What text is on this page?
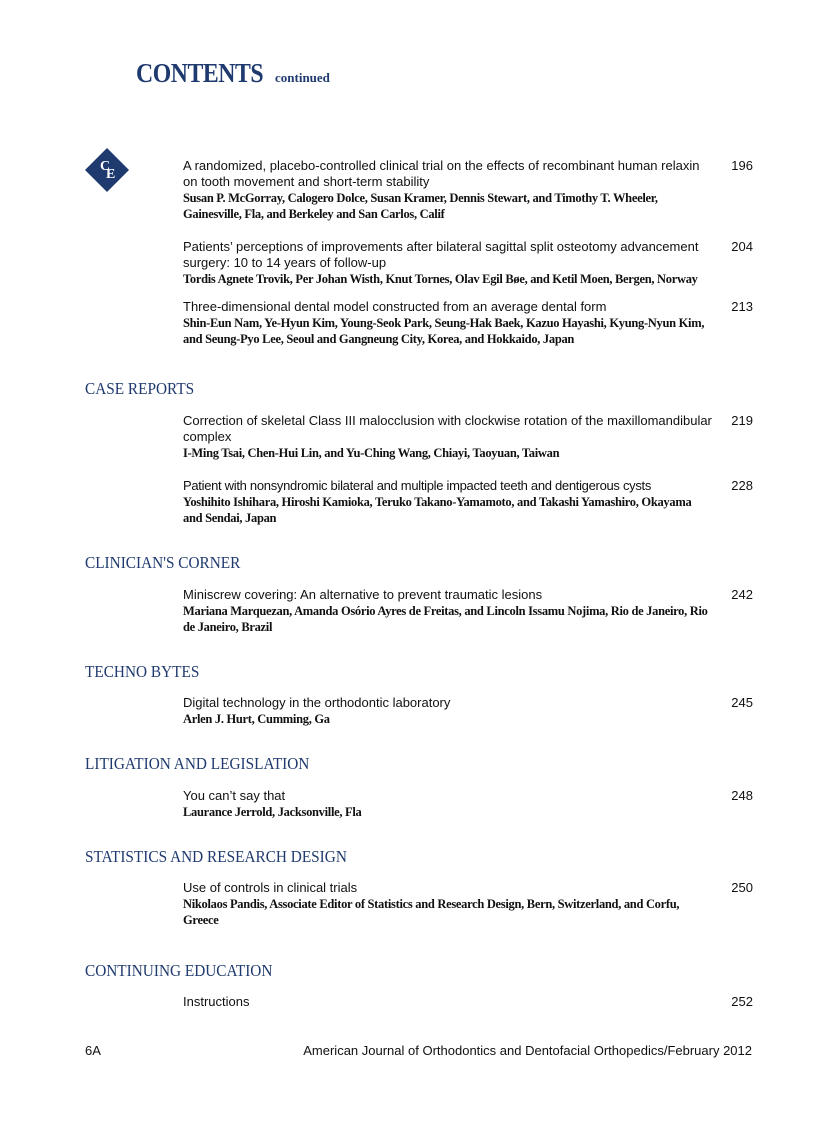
CONTENTS continued
C
E
A randomized, placebo-controlled clinical trial on the effects of recombinant human relaxin on tooth movement and short-term stability
Susan P. McGorray, Calogero Dolce, Susan Kramer, Dennis Stewart, and Timothy T. Wheeler, Gainesville, Fla, and Berkeley and San Carlos, Calif
196
Patients’ perceptions of improvements after bilateral sagittal split osteotomy advancement surgery: 10 to 14 years of follow-up
Tordis Agnete Trovik, Per Johan Wisth, Knut Tornes, Olav Egil Bøe, and Ketil Moen, Bergen, Norway
204
Three-dimensional dental model constructed from an average dental form
Shin-Eun Nam, Ye-Hyun Kim, Young-Seok Park, Seung-Hak Baek, Kazuo Hayashi, Kyung-Nyun Kim, and Seung-Pyo Lee, Seoul and Gangneung City, Korea, and Hokkaido, Japan
213
CASE REPORTS
Correction of skeletal Class III malocclusion with clockwise rotation of the maxillomandibular complex
I-Ming Tsai, Chen-Hui Lin, and Yu-Ching Wang, Chiayi, Taoyuan, Taiwan
219
Patient with nonsyndromic bilateral and multiple impacted teeth and dentigerous cysts
Yoshihito Ishihara, Hiroshi Kamioka, Teruko Takano-Yamamoto, and Takashi Yamashiro, Okayama and Sendai, Japan
228
CLINICIAN'S CORNER
Miniscrew covering: An alternative to prevent traumatic lesions
Mariana Marquezan, Amanda Osório Ayres de Freitas, and Lincoln Issamu Nojima, Rio de Janeiro, Rio de Janeiro, Brazil
242
TECHNO BYTES
Digital technology in the orthodontic laboratory
Arlen J. Hurt, Cumming, Ga
245
LITIGATION AND LEGISLATION
You can’t say that
Laurance Jerrold, Jacksonville, Fla
248
STATISTICS AND RESEARCH DESIGN
Use of controls in clinical trials
Nikolaos Pandis, Associate Editor of Statistics and Research Design, Bern, Switzerland, and Corfu, Greece
250
CONTINUING EDUCATION
Instructions	252
6A	American Journal of Orthodontics and Dentofacial Orthopedics/February 2012
